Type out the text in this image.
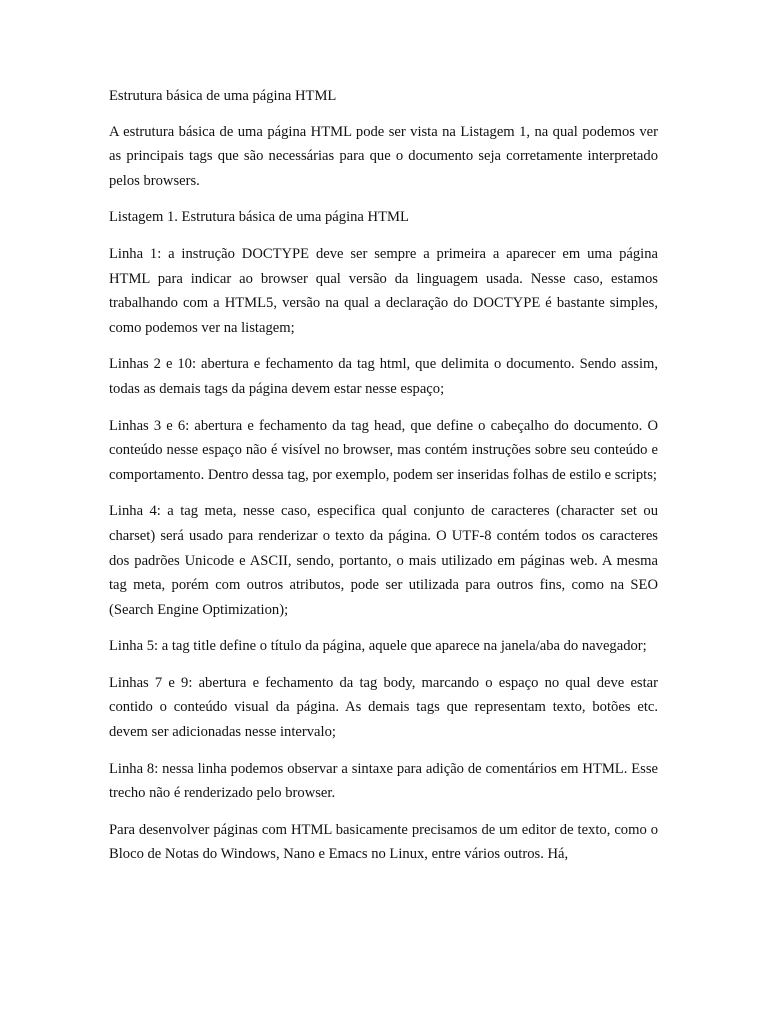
Estrutura básica de uma página HTML

A estrutura básica de uma página HTML pode ser vista na Listagem 1, na qual podemos ver as principais tags que são necessárias para que o documento seja corretamente interpretado pelos browsers.

Listagem 1. Estrutura básica de uma página HTML

Linha 1: a instrução DOCTYPE deve ser sempre a primeira a aparecer em uma página HTML para indicar ao browser qual versão da linguagem usada. Nesse caso, estamos trabalhando com a HTML5, versão na qual a declaração do DOCTYPE é bastante simples, como podemos ver na listagem;

Linhas 2 e 10: abertura e fechamento da tag html, que delimita o documento. Sendo assim, todas as demais tags da página devem estar nesse espaço;

Linhas 3 e 6: abertura e fechamento da tag head, que define o cabeçalho do documento. O conteúdo nesse espaço não é visível no browser, mas contém instruções sobre seu conteúdo e comportamento. Dentro dessa tag, por exemplo, podem ser inseridas folhas de estilo e scripts;

Linha 4: a tag meta, nesse caso, especifica qual conjunto de caracteres (character set ou charset) será usado para renderizar o texto da página. O UTF-8 contém todos os caracteres dos padrões Unicode e ASCII, sendo, portanto, o mais utilizado em páginas web. A mesma tag meta, porém com outros atributos, pode ser utilizada para outros fins, como na SEO (Search Engine Optimization);

Linha 5: a tag title define o título da página, aquele que aparece na janela/aba do navegador;

Linhas 7 e 9: abertura e fechamento da tag body, marcando o espaço no qual deve estar contido o conteúdo visual da página. As demais tags que representam texto, botões etc. devem ser adicionadas nesse intervalo;

Linha 8: nessa linha podemos observar a sintaxe para adição de comentários em HTML. Esse trecho não é renderizado pelo browser.

Para desenvolver páginas com HTML basicamente precisamos de um editor de texto, como o Bloco de Notas do Windows, Nano e Emacs no Linux, entre vários outros. Há,
